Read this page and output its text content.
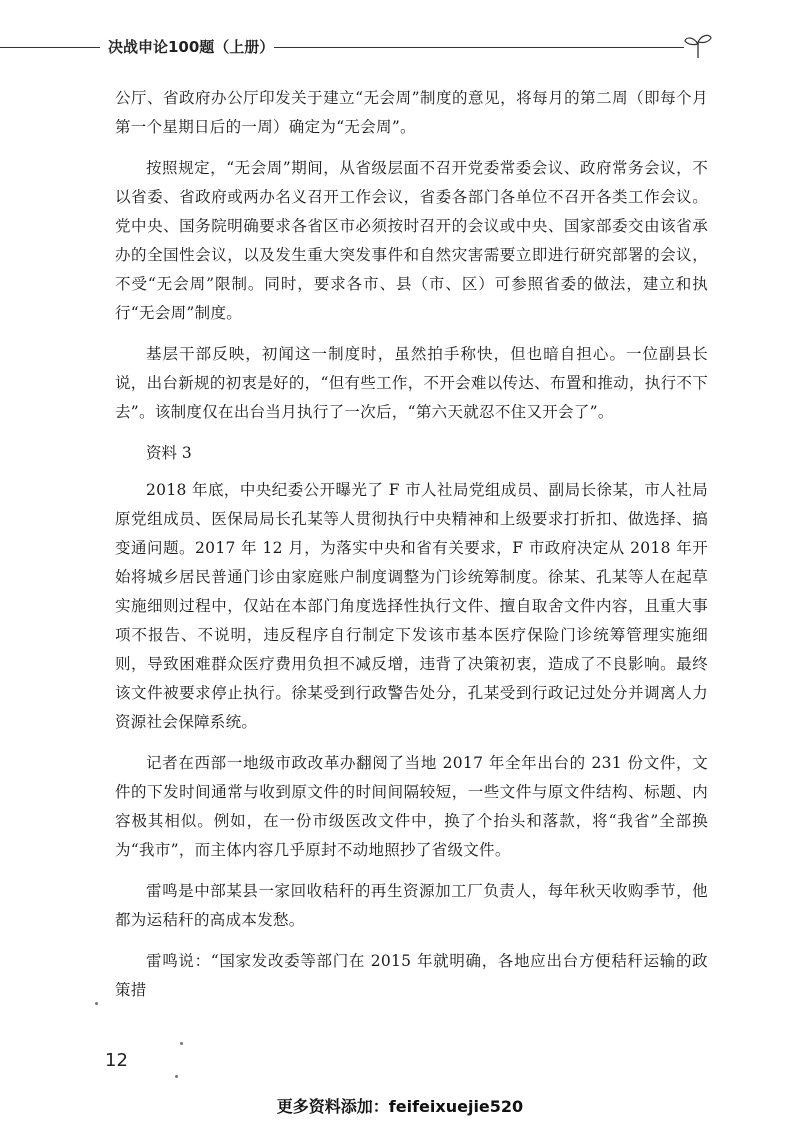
决战申论100题（上册）

公厅、省政府办公厅印发关于建立“无会周”制度的意见，将每月的第二周（即每个月第一个星期日后的一周）确定为“无会周”。

按照规定，“无会周”期间，从省级层面不召开党委常委会议、政府常务会议，不以省委、省政府或两办名义召开工作会议，省委各部门各单位不召开各类工作会议。党中央、国务院明确要求各省区市必须按时召开的会议或中央、国家部委交由该省承办的全国性会议，以及发生重大突发事件和自然灾害需要立即进行研究部署的会议，不受“无会周”限制。同时，要求各市、县（市、区）可参照省委的做法，建立和执行“无会周”制度。

基层干部反映，初闻这一制度时，虽然拍手称快，但也暗自担心。一位副县长说，出台新规的初衷是好的，“但有些工作，不开会难以传达、布置和推动，执行不下去”。该制度仅在出台当月执行了一次后，“第六天就忍不住又开会了”。

资料 3

2018 年底，中央纪委公开曝光了 F 市人社局党组成员、副局长徐某，市人社局原党组成员、医保局局长孔某等人贯彻执行中央精神和上级要求打折扣、做选择、搞变通问题。2017 年 12 月，为落实中央和省有关要求，F 市政府决定从 2018 年开始将城乡居民普通门诊由家庭账户制度调整为门诊统筹制度。徐某、孔某等人在起草实施细则过程中，仅站在本部门角度选择性执行文件、擅自取舍文件内容，且重大事项不报告、不说明，违反程序自行制定下发该市基本医疗保险门诊统筹管理实施细则，导致困难群众医疗费用负担不减反增，违背了决策初衷，造成了不良影响。最终该文件被要求停止执行。徐某受到行政警告处分，孔某受到行政记过处分并调离人力资源社会保障系统。

记者在西部一地级市政改革办翻阅了当地 2017 年全年出台的 231 份文件，文件的下发时间通常与收到原文件的时间间隔较短，一些文件与原文件结构、标题、内容极其相似。例如，在一份市级医改文件中，换了个抬头和落款，将“我省”全部换为“我市”，而主体内容几乎原封不动地照抄了省级文件。

雷鸣是中部某县一家回收秸秆的再生资源加工厂负责人，每年秋天收购季节，他都为运秸秆的高成本发愁。

雷鸣说：“国家发改委等部门在 2015 年就明确，各地应出台方便秸秆运输的政策措

12
更多资料添加：feifeixuejie520
